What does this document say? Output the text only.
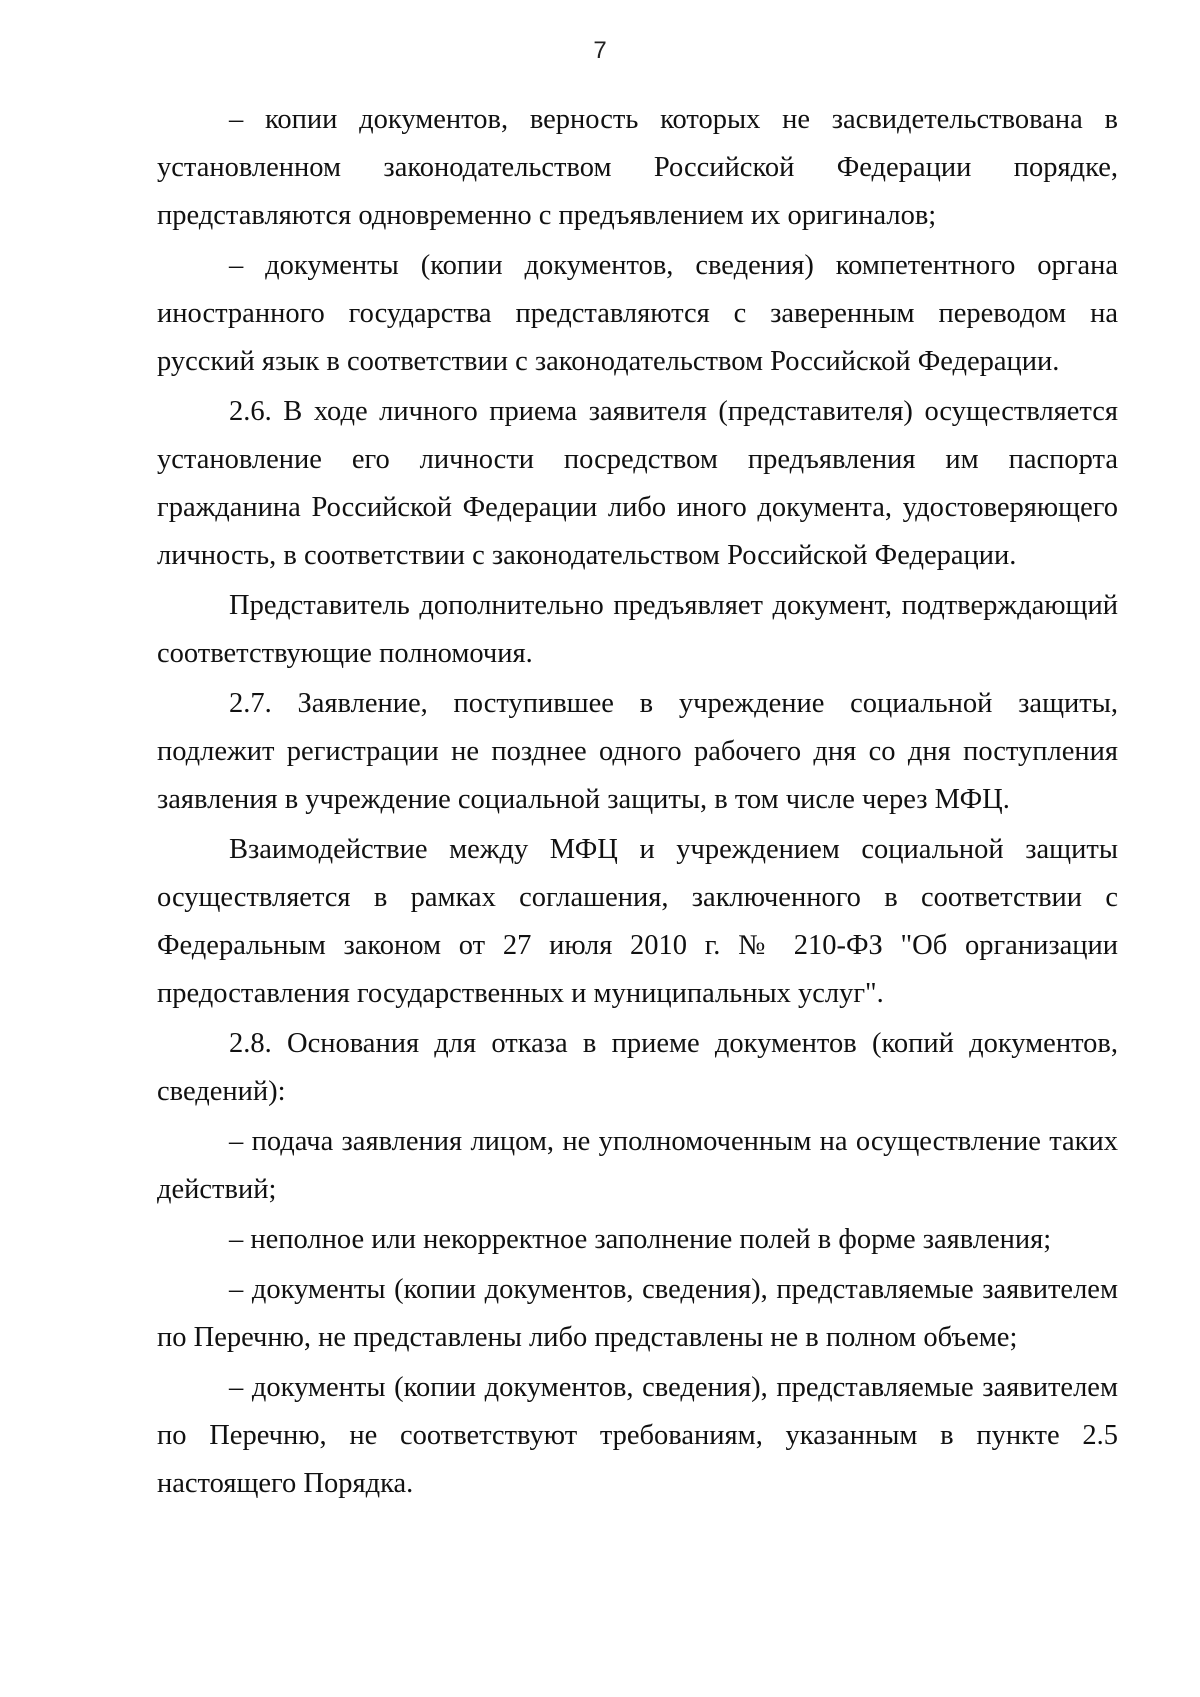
7

– копии документов, верность которых не засвидетельствована в установленном законодательством Российской Федерации порядке, представляются одновременно с предъявлением их оригиналов;

– документы (копии документов, сведения) компетентного органа иностранного государства представляются с заверенным переводом на русский язык в соответствии с законодательством Российской Федерации.

2.6. В ходе личного приема заявителя (представителя) осуществляется установление его личности посредством предъявления им паспорта гражданина Российской Федерации либо иного документа, удостоверяющего личность, в соответствии с законодательством Российской Федерации.

Представитель дополнительно предъявляет документ, подтверждающий соответствующие полномочия.

2.7. Заявление, поступившее в учреждение социальной защиты, подлежит регистрации не позднее одного рабочего дня со дня поступления заявления в учреждение социальной защиты, в том числе через МФЦ.

Взаимодействие между МФЦ и учреждением социальной защиты осуществляется в рамках соглашения, заключенного в соответствии с Федеральным законом от 27 июля 2010 г. № 210-ФЗ "Об организации предоставления государственных и муниципальных услуг".

2.8. Основания для отказа в приеме документов (копий документов, сведений):

– подача заявления лицом, не уполномоченным на осуществление таких действий;

– неполное или некорректное заполнение полей в форме заявления;

– документы (копии документов, сведения), представляемые заявителем по Перечню, не представлены либо представлены не в полном объеме;

– документы (копии документов, сведения), представляемые заявителем по Перечню, не соответствуют требованиям, указанным в пункте 2.5 настоящего Порядка.
